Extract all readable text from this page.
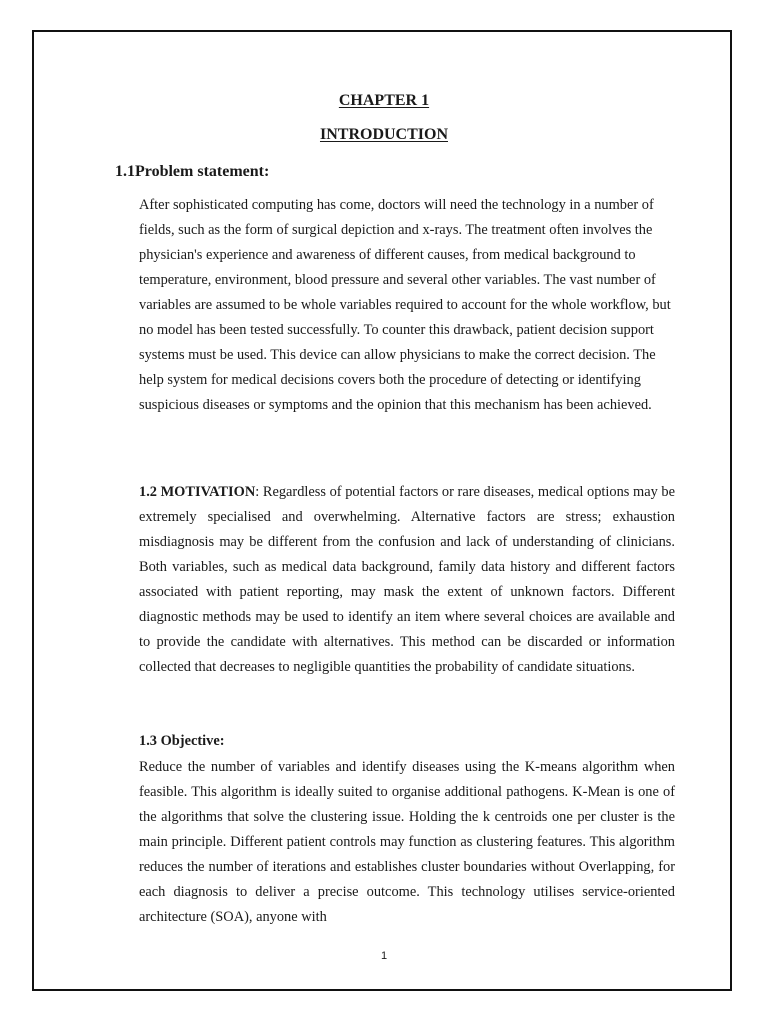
CHAPTER 1
INTRODUCTION
1.1Problem statement:

After sophisticated computing has come, doctors will need the technology in a number of fields, such as the form of surgical depiction and x-rays. The treatment often involves the physician's experience and awareness of different causes, from medical background to temperature, environment, blood pressure and several other variables. The vast number of variables are assumed to be whole variables required to account for the whole workflow, but no model has been tested successfully. To counter this drawback, patient decision support systems must be used. This device can allow physicians to make the correct decision. The help system for medical decisions covers both the procedure of detecting or identifying suspicious diseases or symptoms and the opinion that this mechanism has been achieved.

1.2 MOTIVATION: Regardless of potential factors or rare diseases, medical options may be extremely specialised and overwhelming. Alternative factors are stress; exhaustion misdiagnosis may be different from the confusion and lack of understanding of clinicians. Both variables, such as medical data background, family data history and different factors associated with patient reporting, may mask the extent of unknown factors. Different diagnostic methods may be used to identify an item where several choices are available and to provide the candidate with alternatives. This method can be discarded or information collected that decreases to negligible quantities the probability of candidate situations.

1.3 Objective:

Reduce the number of variables and identify diseases using the K-means algorithm when feasible. This algorithm is ideally suited to organise additional pathogens. K-Mean is one of the algorithms that solve the clustering issue. Holding the k centroids one per cluster is the main principle. Different patient controls may function as clustering features. This algorithm reduces the number of iterations and establishes cluster boundaries without Overlapping, for each diagnosis to deliver a precise outcome. This technology utilises service-oriented architecture (SOA), anyone with

1
